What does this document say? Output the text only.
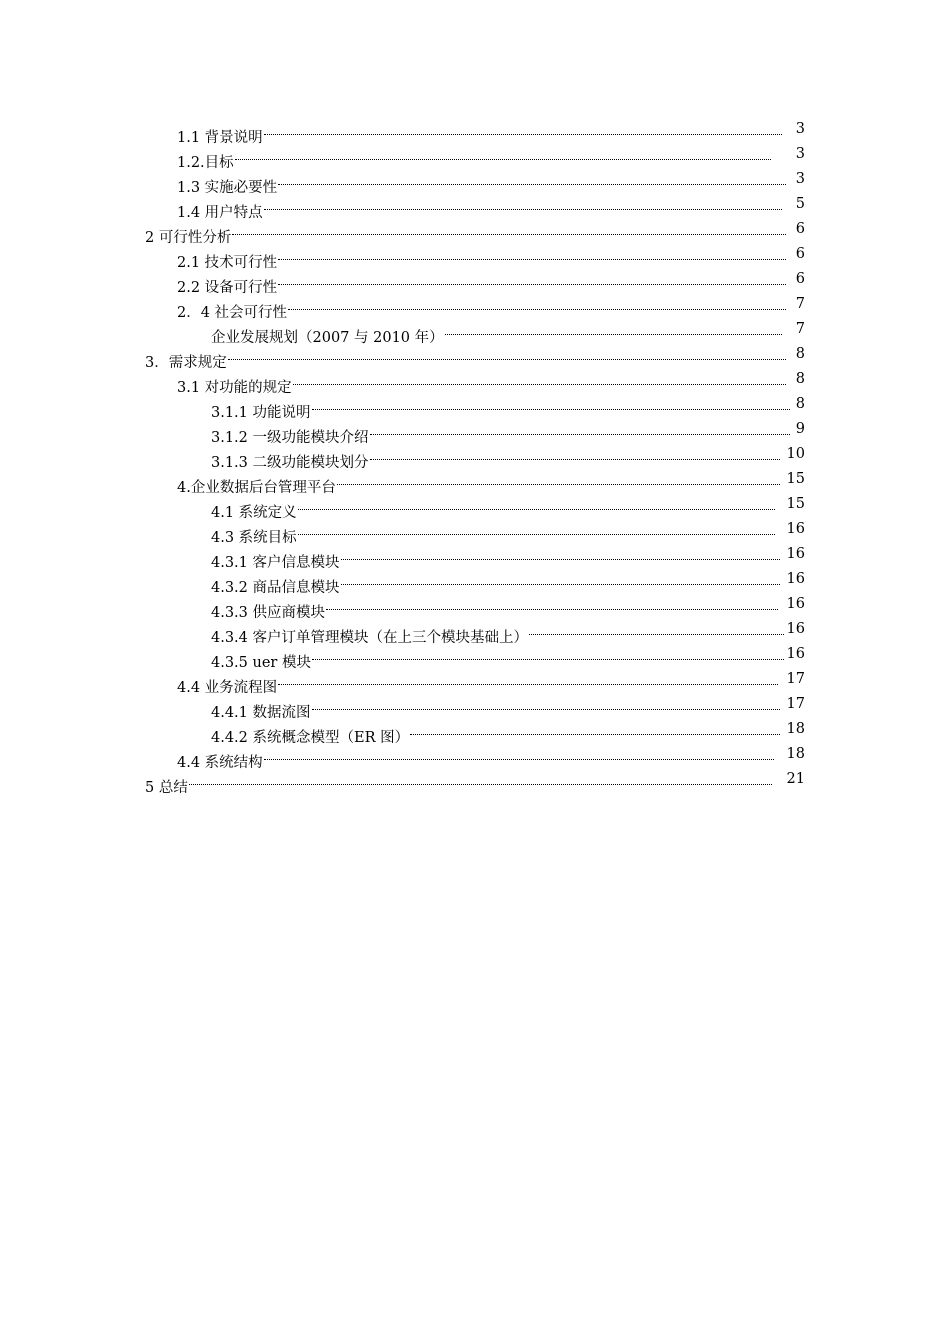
1.1 背景说明
3
1.2.目标
3
1.3 实施必要性
3
1.4 用户特点
5
2 可行性分析
6
2.1 技术可行性
6
2.2 设备可行性
6
2．4 社会可行性
7
企业发展规划（2007 与 2010 年）
7
3．需求规定
8
3.1 对功能的规定
8
3.1.1 功能说明
8
3.1.2 一级功能模块介绍
9
3.1.3 二级功能模块划分
10
4.企业数据后台管理平台
15
4.1 系统定义
15
4.3 系统目标
16
4.3.1 客户信息模块
16
4.3.2 商品信息模块
16
4.3.3 供应商模块
16
4.3.4 客户订单管理模块（在上三个模块基础上）
16
4.3.5 uer 模块
16
4.4 业务流程图
17
4.4.1 数据流图
17
4.4.2 系统概念模型（ER 图）
18
4.4 系统结构
18
5 总结
21
